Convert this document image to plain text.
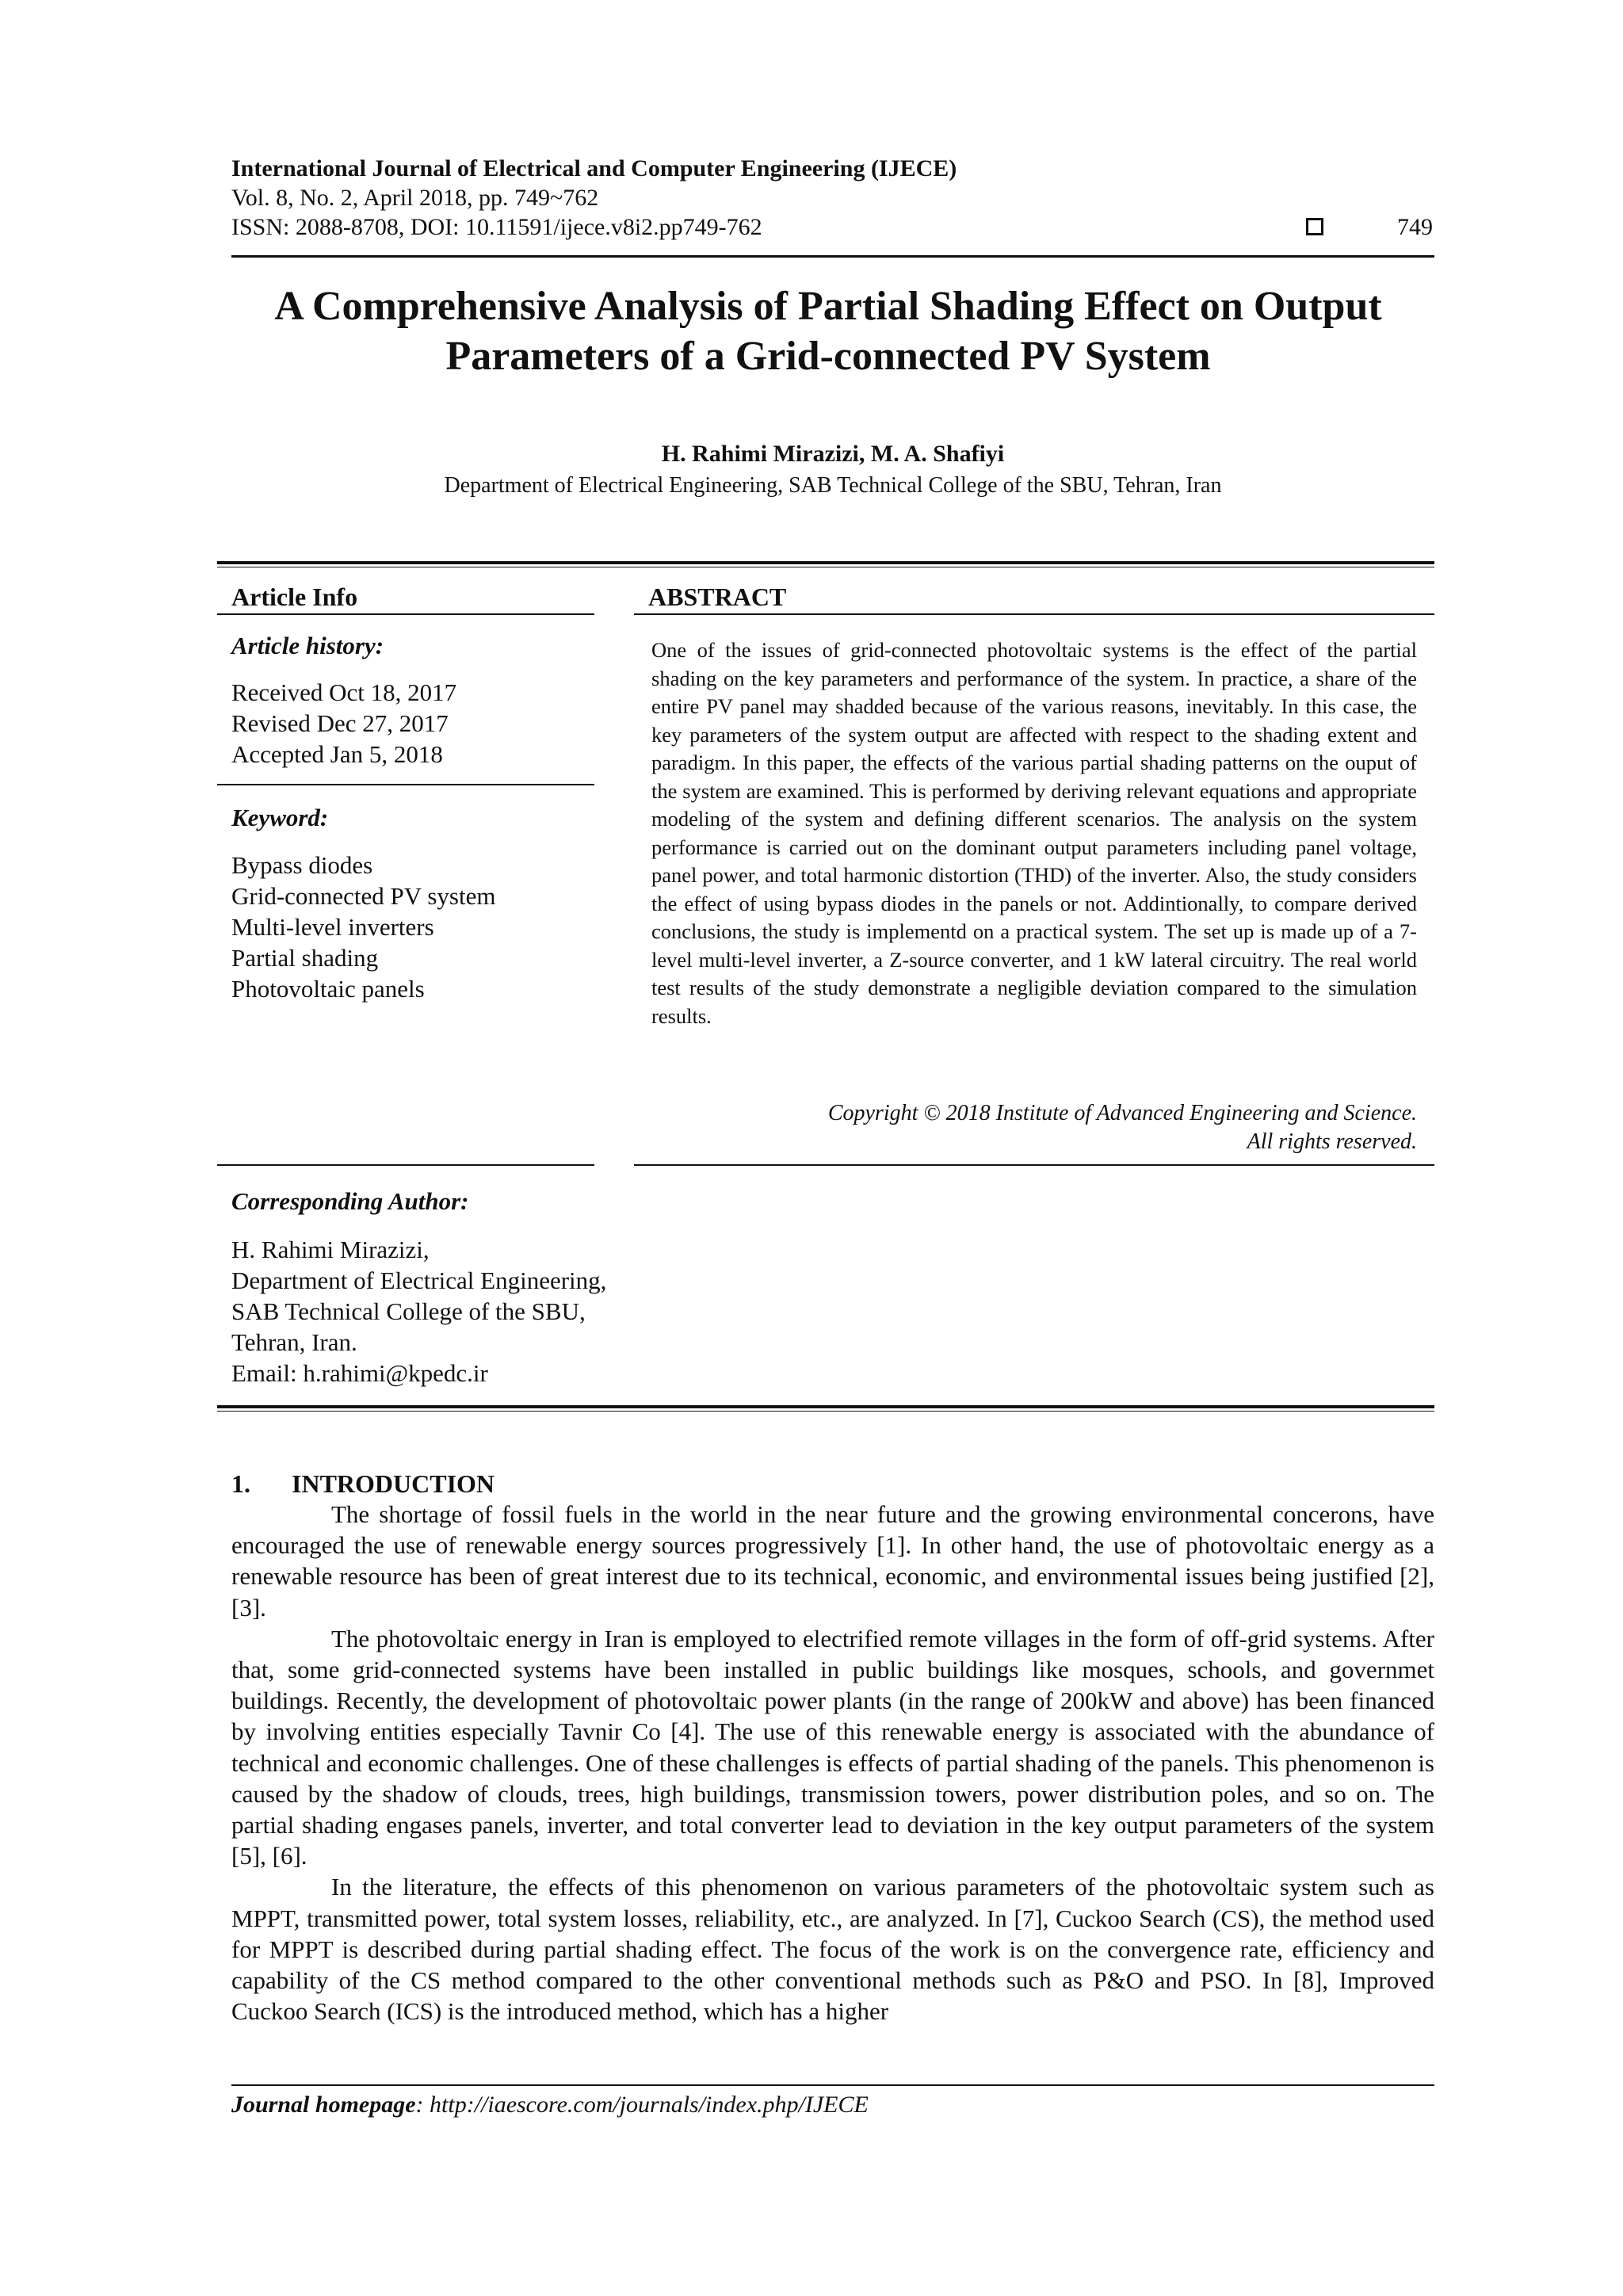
International Journal of Electrical and Computer Engineering (IJECE)
Vol. 8, No. 2, April 2018, pp. 749~762
ISSN: 2088-8708, DOI: 10.11591/ijece.v8i2.pp749-762	749
A Comprehensive Analysis of Partial Shading Effect on Output
Parameters of a Grid-connected PV System
H. Rahimi Mirazizi, M. A. Shafiyi
Department of Electrical Engineering, SAB Technical College of the SBU, Tehran, Iran
Article Info	ABSTRACT
Article history:
Received Oct 18, 2017
Revised Dec 27, 2017
Accepted Jan 5, 2018
Keyword:
Bypass diodes
Grid-connected PV system
Multi-level inverters
Partial shading
Photovoltaic panels

One of the issues of grid-connected photovoltaic systems is the effect of the partial shading on the key parameters and performance of the system. In practice, a share of the entire PV panel may shadded because of the various reasons, inevitably. In this case, the key parameters of the system output are affected with respect to the shading extent and paradigm. In this paper, the effects of the various partial shading patterns on the ouput of the system are examined. This is performed by deriving relevant equations and appropriate modeling of the system and defining different scenarios. The analysis on the system performance is carried out on the dominant output parameters including panel voltage, panel power, and total harmonic distortion (THD) of the inverter. Also, the study considers the effect of using bypass diodes in the panels or not. Addintionally, to compare derived conclusions, the study is implementd on a practical system. The set up is made up of a 7-level multi-level inverter, a Z-source converter, and 1 kW lateral circuitry. The real world test results of the study demonstrate a negligible deviation compared to the simulation results.

Copyright © 2018 Institute of Advanced Engineering and Science.
All rights reserved.
Corresponding Author:
H. Rahimi Mirazizi,
Department of Electrical Engineering,
SAB Technical College of the SBU,
Tehran, Iran.
Email: h.rahimi@kpedc.ir
1. INTRODUCTION

The shortage of fossil fuels in the world in the near future and the growing environmental concerons, have encouraged the use of renewable energy sources progressively [1]. In other hand, the use of photovoltaic energy as a renewable resource has been of great interest due to its technical, economic, and environmental issues being justified [2], [3].

The photovoltaic energy in Iran is employed to electrified remote villages in the form of off-grid systems. After that, some grid-connected systems have been installed in public buildings like mosques, schools, and governmet buildings. Recently, the development of photovoltaic power plants (in the range of 200kW and above) has been financed by involving entities especially Tavnir Co [4]. The use of this renewable energy is associated with the abundance of technical and economic challenges. One of these challenges is effects of partial shading of the panels. This phenomenon is caused by the shadow of clouds, trees, high buildings, transmission towers, power distribution poles, and so on. The partial shading engases panels, inverter, and total converter lead to deviation in the key output parameters of the system [5], [6].

In the literature, the effects of this phenomenon on various parameters of the photovoltaic system such as MPPT, transmitted power, total system losses, reliability, etc., are analyzed. In [7], Cuckoo Search (CS), the method used for MPPT is described during partial shading effect. The focus of the work is on the convergence rate, efficiency and capability of the CS method compared to the other conventional methods such as P&O and PSO. In [8], Improved Cuckoo Search (ICS) is the introduced method, which has a higher

Journal homepage: http://iaescore.com/journals/index.php/IJECE
